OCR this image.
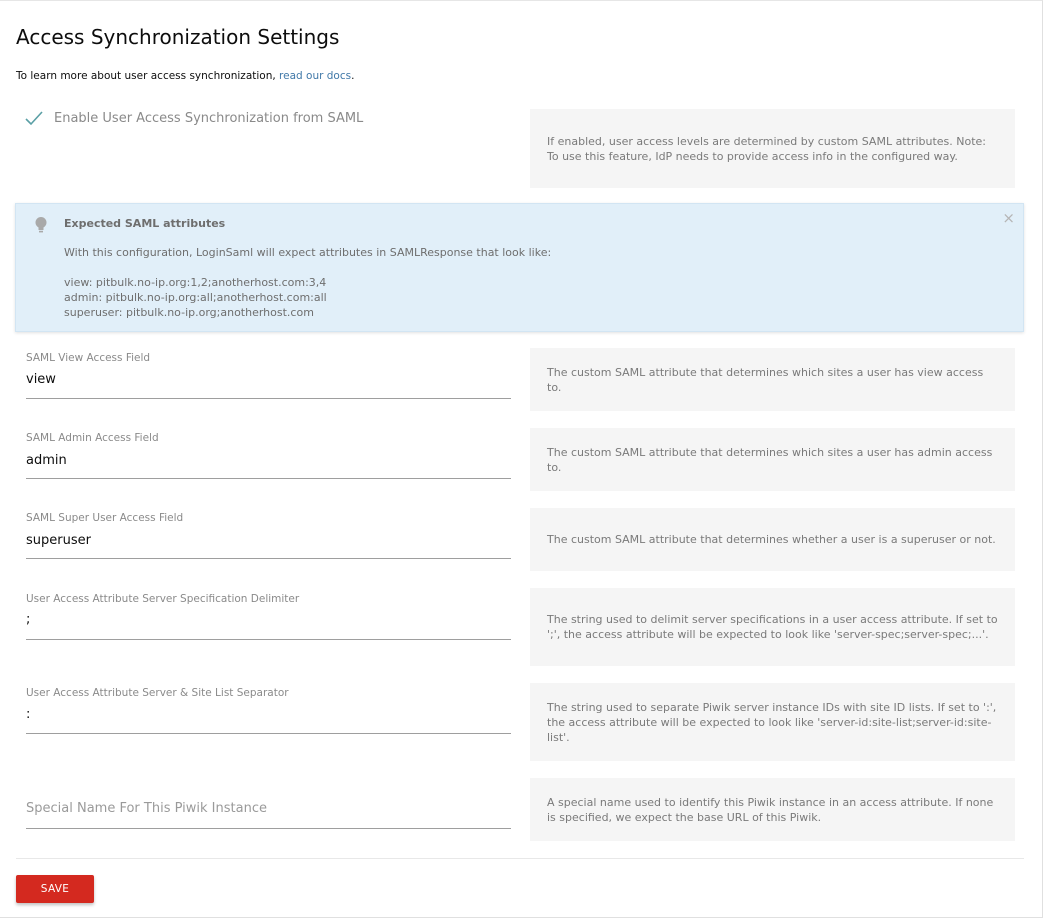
Access Synchronization Settings
To learn more about user access synchronization, read our docs.
Enable User Access Synchronization from SAML
If enabled, user access levels are determined by custom SAML attributes. Note: To use this feature, IdP needs to provide access info in the configured way.
Expected SAML attributes	×
With this configuration, LoginSaml will expect attributes in SAMLResponse that look like:
view: pitbulk.no-ip.org:1,2;anotherhost.com:3,4
admin: pitbulk.no-ip.org:all;anotherhost.com:all
superuser: pitbulk.no-ip.org;anotherhost.com
SAML View Access Field
view	The custom SAML attribute that determines which sites a user has view access to.
SAML Admin Access Field
admin
The custom SAML attribute that determines which sites a user has admin access to.
SAML Super User Access Field
superuser	The custom SAML attribute that determines whether a user is a superuser or not.
User Access Attribute Server Specification Delimiter
;	The string used to delimit server specifications in a user access attribute. If set to ';', the access attribute will be expected to look like 'server-spec;server-spec;...'.
User Access Attribute Server & Site List Separator
:	The string used to separate Piwik server instance IDs with site ID lists. If set to ':', the access attribute will be expected to look like 'server-id:site-list;server-id:site-list'.
Special Name For This Piwik Instance	A special name used to identify this Piwik instance in an access attribute. If none is specified, we expect the base URL of this Piwik.
SAVE
